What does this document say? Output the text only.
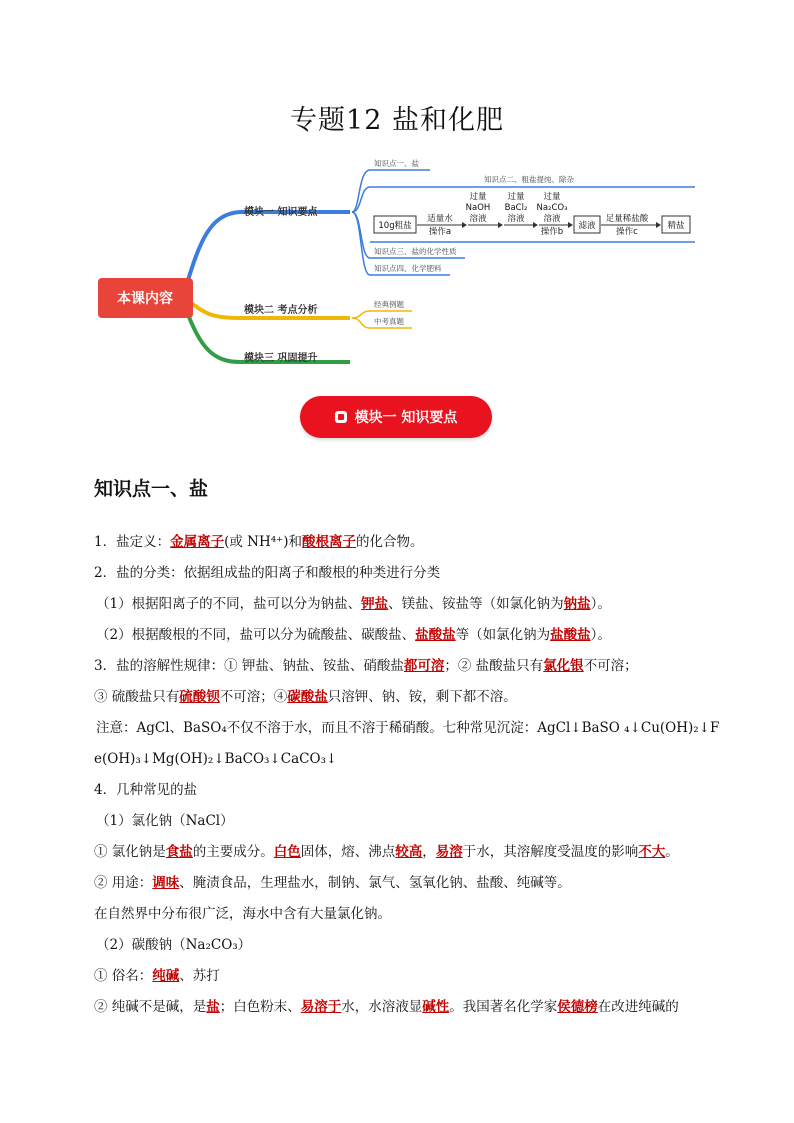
专题12 盐和化肥
本课内容
模块一 知识要点
模块二 考点分析
模块三 巩固提升
知识点一、盐
知识点二、粗盐提纯、除杂
知识点三、盐的化学性质
知识点四、化学肥料
经典例题
中考真题
10g粗盐
适量水
操作a
过量
NaOH
溶液
过量
BaCl₂
溶液
过量
Na₂CO₃
溶液
操作b
滤液
足量稀盐酸
操作c
精盐
模块一 知识要点
知识点一、盐
1．盐定义：金属离子(或 NH⁴⁺)和酸根离子的化合物。
2．盐的分类：依据组成盐的阳离子和酸根的种类进行分类
（1）根据阳离子的不同，盐可以分为钠盐、钾盐、镁盐、铵盐等（如氯化钠为钠盐）。
（2）根据酸根的不同，盐可以分为硫酸盐、碳酸盐、盐酸盐等（如氯化钠为盐酸盐）。
3．盐的溶解性规律：① 钾盐、钠盐、铵盐、硝酸盐都可溶；② 盐酸盐只有氯化银不可溶；
③ 硫酸盐只有硫酸钡不可溶；④碳酸盐只溶钾、钠、铵，剩下都不溶。
注意：AgCl、BaSO₄不仅不溶于水，而且不溶于稀硝酸。七种常见沉淀：AgCl↓BaSO ₄↓Cu(OH)₂↓F
e(OH)₃↓Mg(OH)₂↓BaCO₃↓CaCO₃↓
4．几种常见的盐
（1）氯化钠（NaCl）
① 氯化钠是食盐的主要成分。白色固体，熔、沸点较高，易溶于水，其溶解度受温度的影响不大。
② 用途：调味、腌渍食品，生理盐水，制钠、氯气、氢氧化钠、盐酸、纯碱等。
在自然界中分布很广泛，海水中含有大量氯化钠。
（2）碳酸钠（Na₂CO₃）
① 俗名：纯碱、苏打
② 纯碱不是碱，是盐；白色粉末、易溶于水，水溶液显碱性。我国著名化学家侯德榜在改进纯碱的
